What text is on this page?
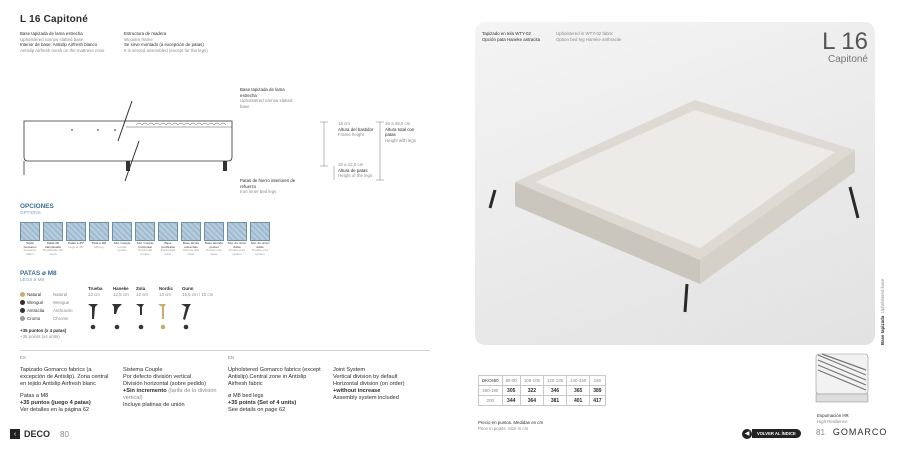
L 16 Capitoné
Base tapizada de lama estrecha
Upholstered narrow slatted base
Interior de base: Antislip Airfresh blanco
Antislip Airfresh mesh on the mattress zone
Estructura de madera
Wooden frame
Se sirve montado (a excepción de patas)
It is served assembled (except for the legs)
Base tapizada de lama estrecha
Upholstered narrow slatted base
Patas de hierro interiores de refuerzo
Iron inner bed legs
18 cm
Altura del bastidor
Frame height
26 a 28,5 cm
Altura total con patas
Height with legs
10 a 12,5 cm
Altura de patas
Height of the legs
OPCIONES
OPTIONS
Tejido Gomarco
Gomarco fabric
Malla 3D transpirable
Breathable 3D mesh
Patas a 45º
Legs at 45º
Pata a M8
M8 leg
Sist. Couple
Couple system
Sist. Couple horizontal
Horizontal couple
Base perforada
Perforated base
Base lamas estrechas
Narrow slat base
Base tamaño pocket
Pocket size base
Sist. de unión doble
Double joint system
Sist. de unión doble
Double joint system
PATAS ø M8
LEGS ø M8
Natural	Natural
Wengué Wengue
Antracita Anthracite
Cromo	Chrome
Trueba
13 cm
Haneke
12,5 cm
Zola
12 cm
Nordic
13 cm
Gunn
15,5 cm / 10 cm
+35 puntos (x 4 patas)
+35 points (x4 units)
ES	EN
Tapizado Gomarco fabrics (a excepción de Antislip). Zona central en tejido Antislip Airfresh blanc
Patas a M8
+35 puntos (juego 4 patas)
Ver detalles en la página 62
Sistema Couple
Por defecto división vertical
División horizontal (sobre pedido)
+Sin incremento (tarifa de la división vertical)
Incluye platinas de unión
Upholstered Gomarco fabrics (except Antislip).Central zone in Antislip Airfresh fabric
ø M8 bed legs
+35 points (Set of 4 units)
See details on page 62
Joint System
Vertical division by default
Horizontal division (on order)
+without increase
Assembly system included
‹ DECO 80
Tapizado en tela WTY-02
Opción pata Haneke antracita
Upholstered in WTY-02 fabric
Option bed leg Haneke anthracite	L 16
Capitoné
Base tapizada  Upholstered base
DKC650	80-90	100-105	120-135	140-150	180
180-190	305	322	346	365	389
200	344	364	381	401	417
Espumación HR
High Resilience
Precio en puntos. Medidas en cm
Price in points. Size in cm
◀	VOLVER AL ÍNDICE	81 GOMARCO
